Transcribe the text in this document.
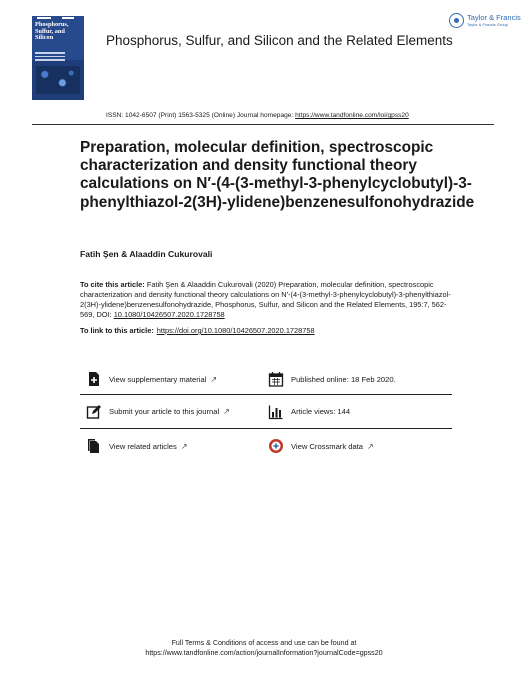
Phosphorus, Sulfur, and Silicon	Phosphorus, Sulfur, and Silicon and the Related Elements
Taylor & Francis
Taylor & Francis Group
ISSN: 1042-6507 (Print) 1563-5325 (Online) Journal homepage: https://www.tandfonline.com/loi/gpss20
Preparation, molecular definition, spectroscopic characterization and density functional theory calculations on N′-(4-(3-methyl-3-phenylcyclobutyl)-3-phenylthiazol-2(3H)-ylidene)benzenesulfonohydrazide
Fatih Şen & Alaaddin Cukurovali
To cite this article: Fatih Şen & Alaaddin Cukurovali (2020) Preparation, molecular definition, spectroscopic characterization and density functional theory calculations on N′-(4-(3-methyl-3-phenylcyclobutyl)-3-phenylthiazol-2(3H)-ylidene)benzenesulfonohydrazide, Phosphorus, Sulfur, and Silicon and the Related Elements, 195:7, 562-569, DOI: 10.1080/10426507.2020.1728758
To link to this article: https://doi.org/10.1080/10426507.2020.1728758
View supplementary material ↗	Published online: 18 Feb 2020.
Submit your article to this journal ↗	Article views: 144
View related articles ↗	View Crossmark data ↗
Full Terms & Conditions of access and use can be found at
https://www.tandfonline.com/action/journalInformation?journalCode=gpss20
